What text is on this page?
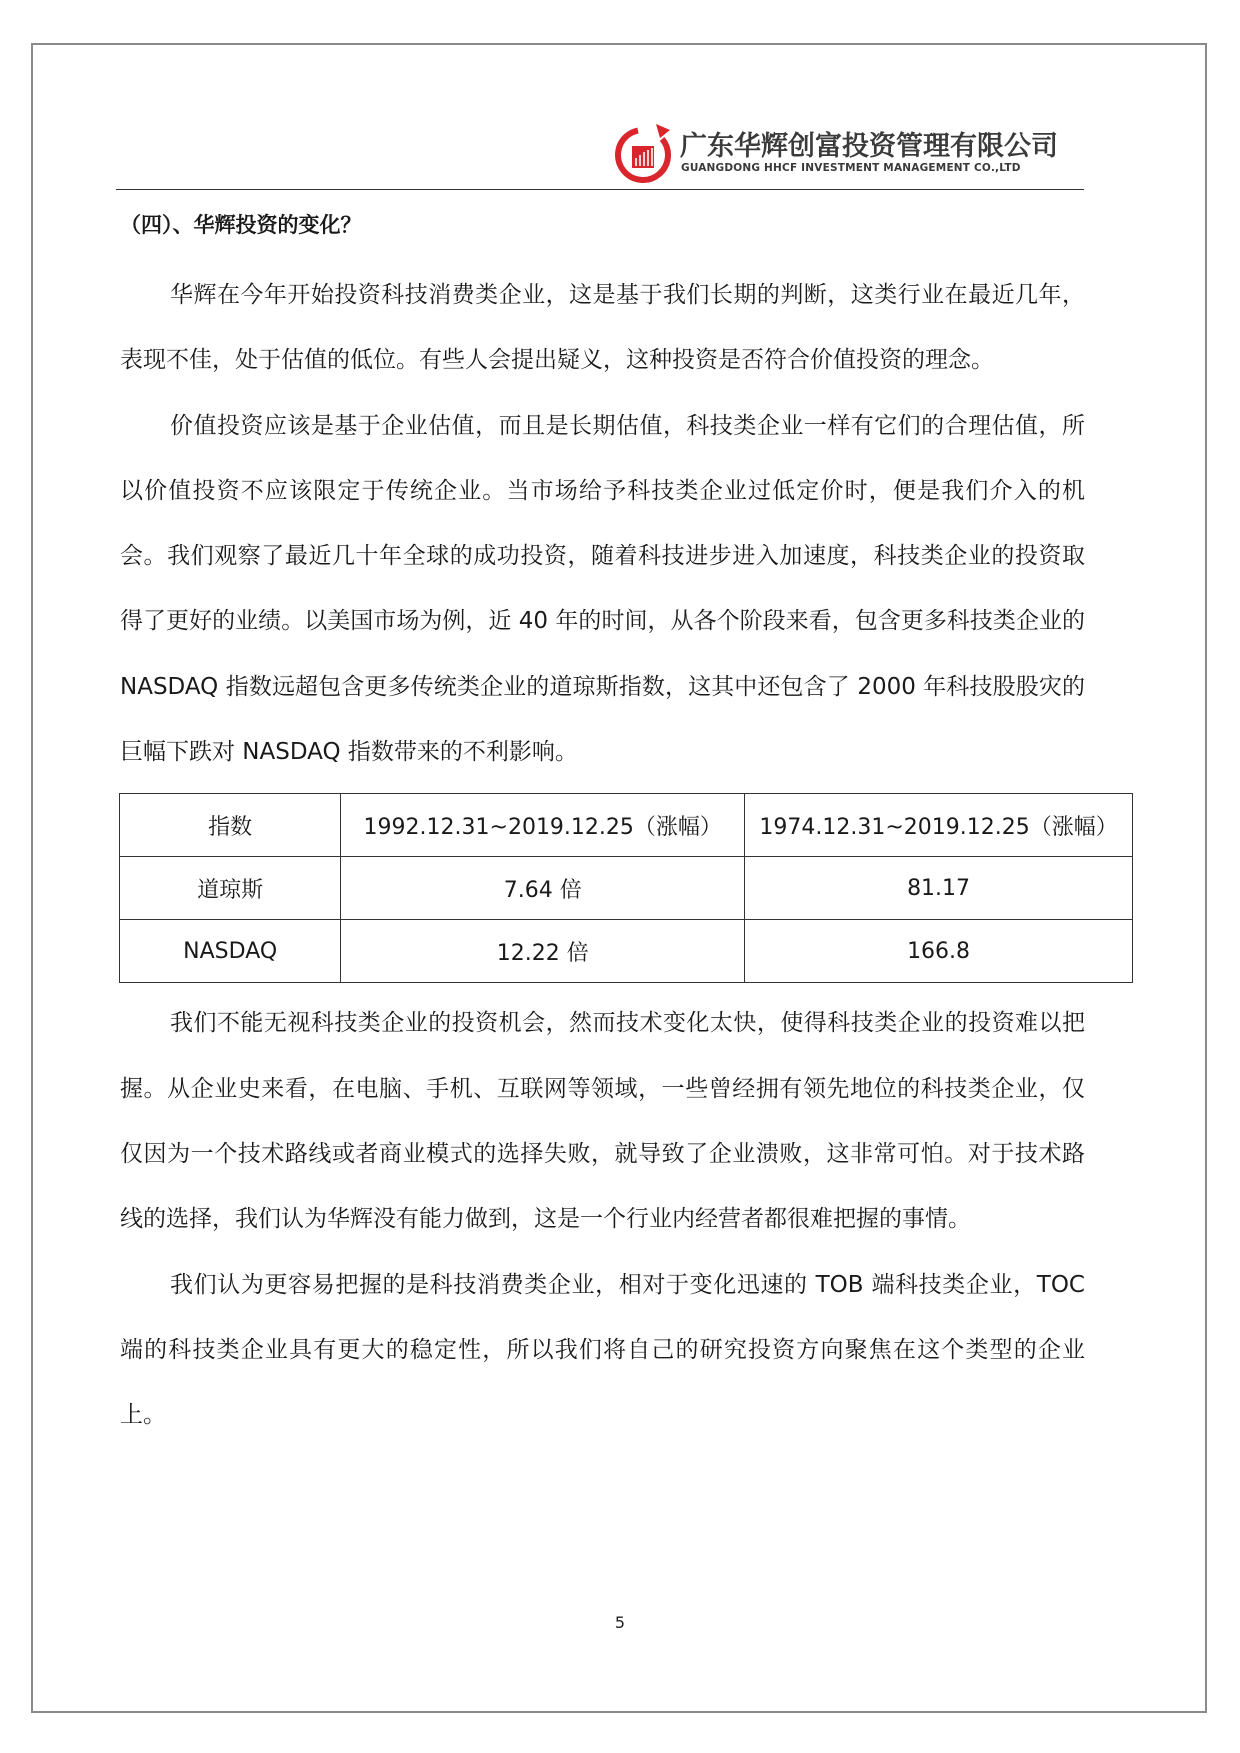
广东华辉创富投资管理有限公司
GUANGDONG HHCF INVESTMENT MANAGEMENT CO.,LTD

（四）、华辉投资的变化？

华辉在今年开始投资科技消费类企业，这是基于我们长期的判断，这类行业在最近几年，表现不佳，处于估值的低位。有些人会提出疑义，这种投资是否符合价值投资的理念。

价值投资应该是基于企业估值，而且是长期估值，科技类企业一样有它们的合理估值，所以价值投资不应该限定于传统企业。当市场给予科技类企业过低定价时，便是我们介入的机会。我们观察了最近几十年全球的成功投资，随着科技进步进入加速度，科技类企业的投资取得了更好的业绩。以美国市场为例，近 40 年的时间，从各个阶段来看，包含更多科技类企业的 NASDAQ 指数远超包含更多传统类企业的道琼斯指数，这其中还包含了 2000 年科技股股灾的巨幅下跌对 NASDAQ 指数带来的不利影响。

指数	1992.12.31~2019.12.25（涨幅）	1974.12.31~2019.12.25（涨幅）
道琼斯	7.64 倍	81.17
NASDAQ	12.22 倍	166.8

我们不能无视科技类企业的投资机会，然而技术变化太快，使得科技类企业的投资难以把握。从企业史来看，在电脑、手机、互联网等领域，一些曾经拥有领先地位的科技类企业，仅仅因为一个技术路线或者商业模式的选择失败，就导致了企业溃败，这非常可怕。对于技术路线的选择，我们认为华辉没有能力做到，这是一个行业内经营者都很难把握的事情。

我们认为更容易把握的是科技消费类企业，相对于变化迅速的 TOB 端科技类企业，TOC 端的科技类企业具有更大的稳定性，所以我们将自己的研究投资方向聚焦在这个类型的企业上。

5
